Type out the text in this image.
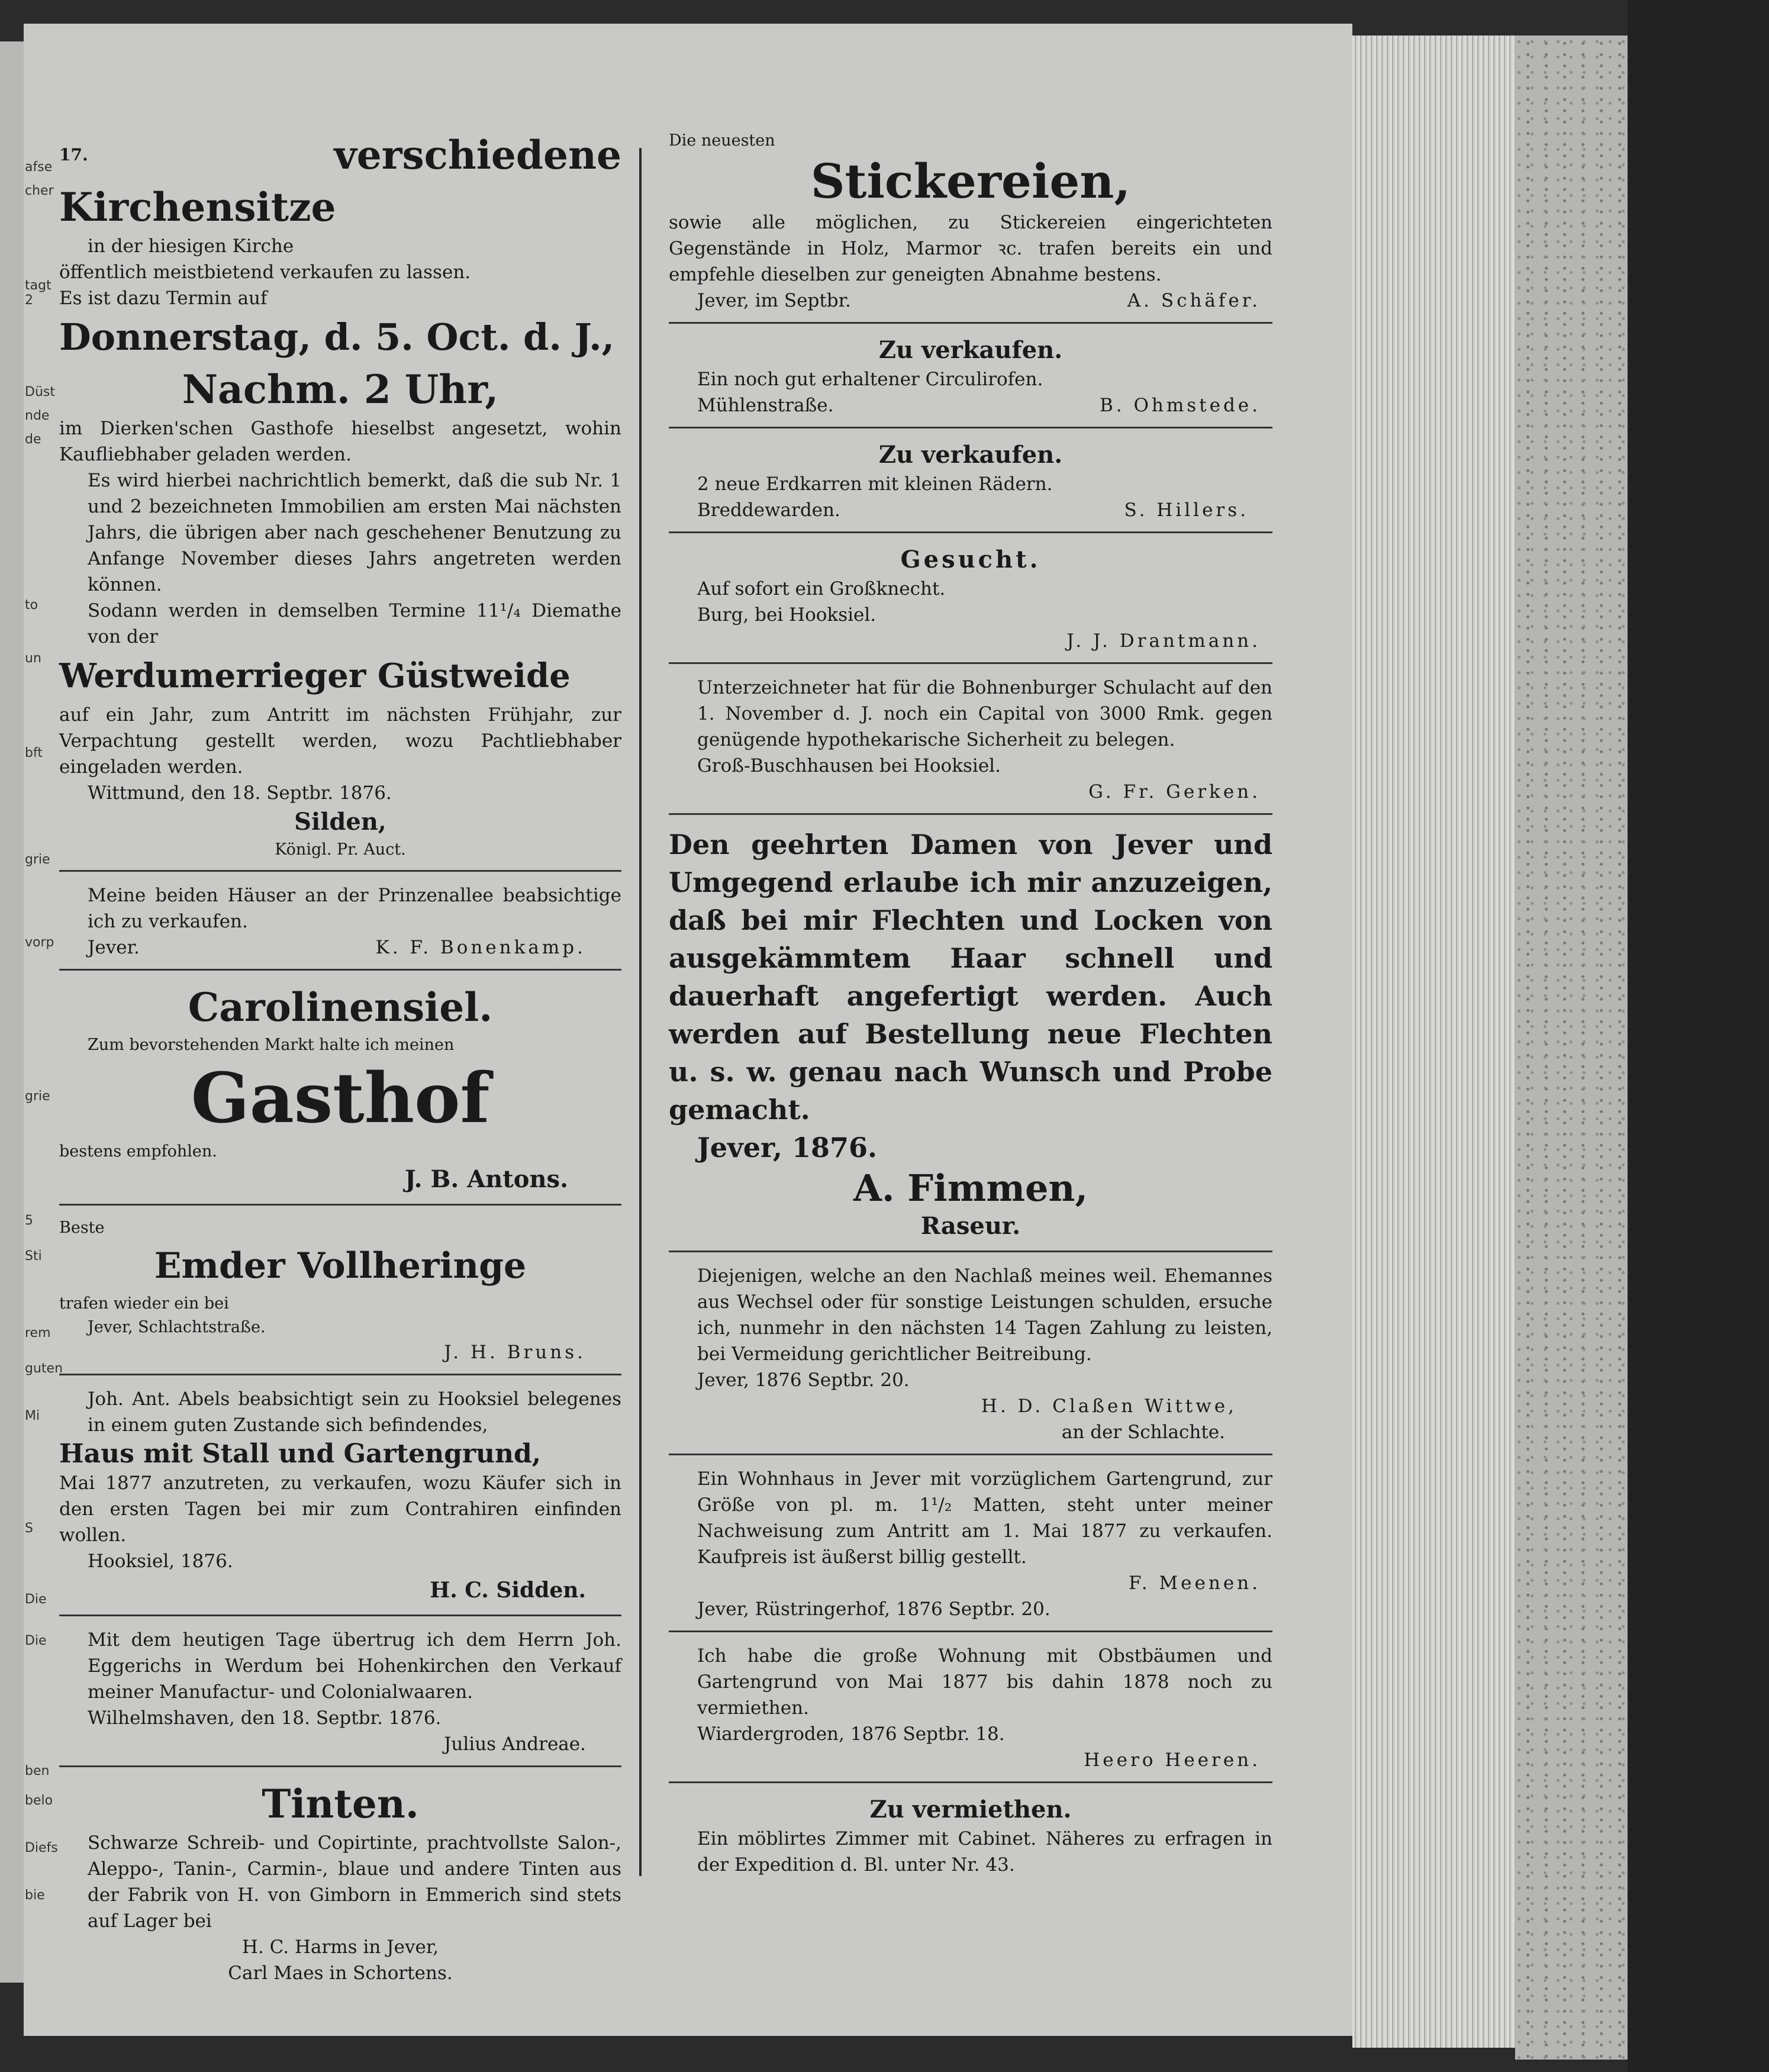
afse
cher
tagt 2
Düst
nde
de
to
un
bft
grie
vorp
grie
5
Sti
rem
guten
Mi
S
Die
Die
ben
belo
Diefs
bie

$^{17.}$	verschiedene Kirchensitze

in der hiesigen Kirche

öffentlich meistbietend verkaufen zu lassen.

Es ist dazu Termin auf

Donnerstag, d. 5. Oct. d. J.,

Nachm. 2 Uhr,

im Dierken'schen Gasthofe hieselbst angesetzt, wohin Kaufliebhaber geladen werden.

Es wird hierbei nachrichtlich bemerkt, daß die sub Nr. 1 und 2 bezeichneten Immobilien am ersten Mai nächsten Jahrs, die übrigen aber nach geschehener Benutzung zu Anfange November dieses Jahrs angetreten werden können.

Sodann werden in demselben Termine 11¹/₄ Diemathe von der

Werdumerrieger Güstweide

auf ein Jahr, zum Antritt im nächsten Frühjahr, zur Verpachtung gestellt werden, wozu Pachtliebhaber eingeladen werden.

Wittmund, den 18. Septbr. 1876.

Silden,

Königl. Pr. Auct.

Meine beiden Häuser an der Prinzenallee beabsichtige ich zu verkaufen.

Jever.	K. F. Bonenkamp.

Carolinensiel.

Zum bevorstehenden Markt halte ich meinen

Gasthof

bestens empfohlen.

J. B. Antons.

Beste

Emder Vollheringe

trafen wieder ein bei

Jever, Schlachtstraße.

J. H. Bruns.

Joh. Ant. Abels beabsichtigt sein zu Hooksiel belegenes in einem guten Zustande sich befindendes,

Haus mit Stall und Gartengrund,

Mai 1877 anzutreten, zu verkaufen, wozu Käufer sich in den ersten Tagen bei mir zum Contrahiren einfinden wollen.

Hooksiel, 1876.

H. C. Sidden.

Mit dem heutigen Tage übertrug ich dem Herrn Joh. Eggerichs in Werdum bei Hohenkirchen den Verkauf meiner Manufactur- und Colonialwaaren.

Wilhelmshaven, den 18. Septbr. 1876.

Julius Andreae.

Tinten.

Schwarze Schreib- und Copirtinte, prachtvollste Salon-, Aleppo-, Tanin-, Carmin-, blaue und andere Tinten aus der Fabrik von H. von Gimborn in Emmerich sind stets auf Lager bei

H. C. Harms in Jever,

Carl Maes in Schortens.

Die neuesten

Stickereien,

sowie alle möglichen, zu Stickereien eingerichteten Gegenstände in Holz, Marmor ꝛc. trafen bereits ein und empfehle dieselben zur geneigten Abnahme bestens.

Jever, im Septbr.	A. Schäfer.

Zu verkaufen.

Ein noch gut erhaltener Circulirofen.

Mühlenstraße.	B. Ohmstede.

Zu verkaufen.

2 neue Erdkarren mit kleinen Rädern.

Breddewarden.	S. Hillers.

Gesucht.

Auf sofort ein Großknecht.

Burg, bei Hooksiel.

J. J. Drantmann.

Unterzeichneter hat für die Bohnenburger Schulacht auf den 1. November d. J. noch ein Capital von 3000 Rmk. gegen genügende hypothekarische Sicherheit zu belegen.

Groß-Buschhausen bei Hooksiel.

G. Fr. Gerken.

Den geehrten Damen von Jever und Umgegend erlaube ich mir anzuzeigen, daß bei mir Flechten und Locken von ausgekämmtem Haar schnell und dauerhaft angefertigt werden. Auch werden auf Bestellung neue Flechten u. s. w. genau nach Wunsch und Probe gemacht.

Jever, 1876.

A. Fimmen,

Raseur.

Diejenigen, welche an den Nachlaß meines weil. Ehemannes aus Wechsel oder für sonstige Leistungen schulden, ersuche ich, nunmehr in den nächsten 14 Tagen Zahlung zu leisten, bei Vermeidung gerichtlicher Beitreibung.

Jever, 1876 Septbr. 20.

H. D. Claßen Wittwe,

an der Schlachte.

Ein Wohnhaus in Jever mit vorzüglichem Gartengrund, zur Größe von pl. m. 1¹/₂ Matten, steht unter meiner Nachweisung zum Antritt am 1. Mai 1877 zu verkaufen. Kaufpreis ist äußerst billig gestellt.

F. Meenen.

Jever, Rüstringerhof, 1876 Septbr. 20.

Ich habe die große Wohnung mit Obstbäumen und Gartengrund von Mai 1877 bis dahin 1878 noch zu vermiethen.

Wiardergroden, 1876 Septbr. 18.

Heero Heeren.

Zu vermiethen.

Ein möblirtes Zimmer mit Cabinet. Näheres zu erfragen in der Expedition d. Bl. unter Nr. 43.
